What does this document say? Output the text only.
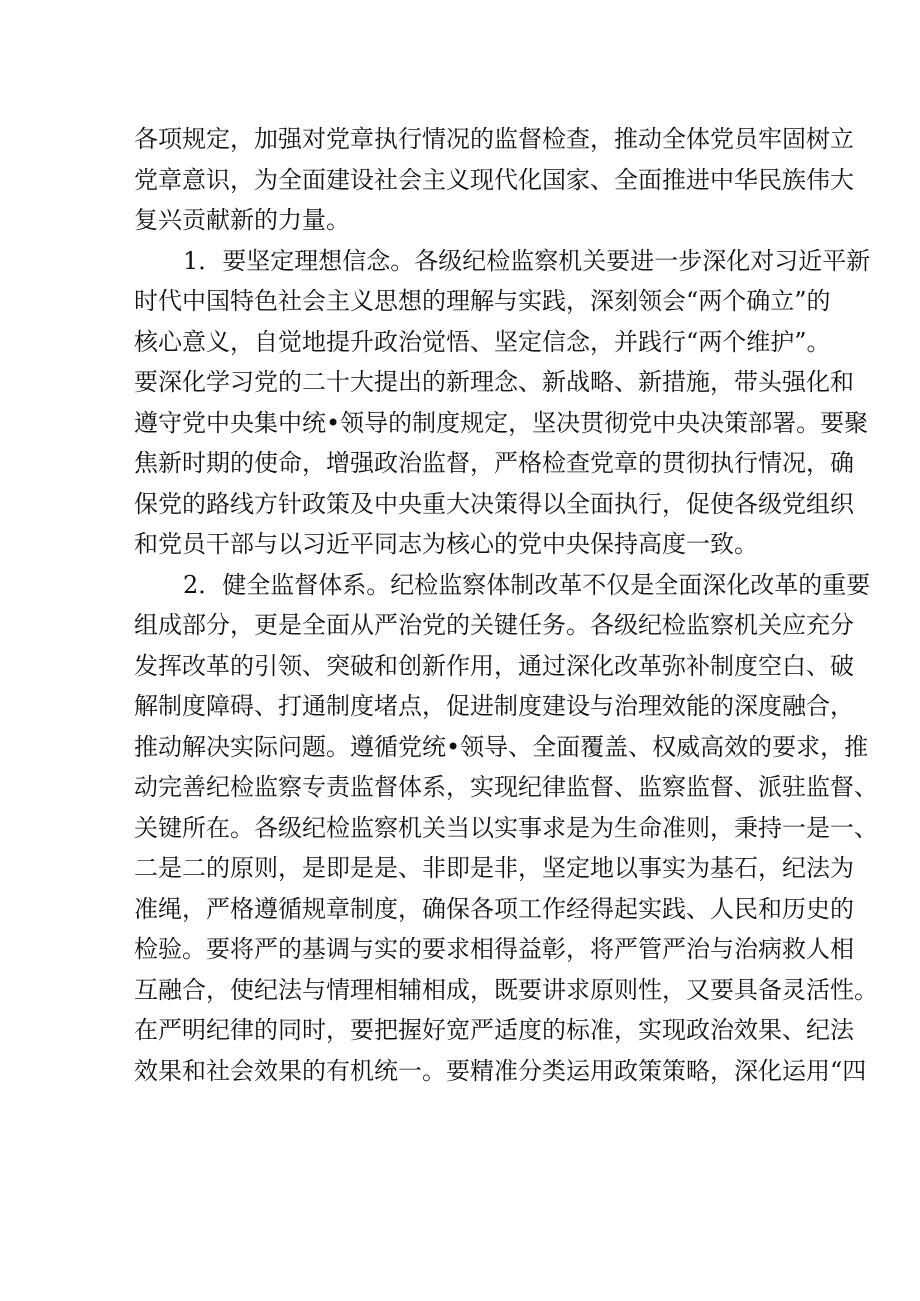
各项规定，加强对党章执行情况的监督检查，推动全体党员牢固树立
党章意识，为全面建设社会主义现代化国家、全面推进中华民族伟大
复兴贡献新的力量。
1．要坚定理想信念。各级纪检监察机关要进一步深化对习近平新
时代中国特色社会主义思想的理解与实践，深刻领会“两个确立”的
核心意义，自觉地提升政治觉悟、坚定信念，并践行“两个维护”。
要深化学习党的二十大提出的新理念、新战略、新措施，带头强化和
遵守党中央集中统•领导的制度规定，坚决贯彻党中央决策部署。要聚
焦新时期的使命，增强政治监督，严格检查党章的贯彻执行情况，确
保党的路线方针政策及中央重大决策得以全面执行，促使各级党组织
和党员干部与以习近平同志为核心的党中央保持高度一致。
2．健全监督体系。纪检监察体制改革不仅是全面深化改革的重要
组成部分，更是全面从严治党的关键任务。各级纪检监察机关应充分
发挥改革的引领、突破和创新作用，通过深化改革弥补制度空白、破
解制度障碍、打通制度堵点，促进制度建设与治理效能的深度融合，
推动解决实际问题。遵循党统•领导、全面覆盖、权威高效的要求，推
动完善纪检监察专责监督体系，实现纪律监督、监察监督、派驻监督、
关键所在。各级纪检监察机关当以实事求是为生命准则，秉持一是一、
二是二的原则，是即是是、非即是非，坚定地以事实为基石，纪法为
准绳，严格遵循规章制度，确保各项工作经得起实践、人民和历史的
检验。要将严的基调与实的要求相得益彰，将严管严治与治病救人相
互融合，使纪法与情理相辅相成，既要讲求原则性，又要具备灵活性。
在严明纪律的同时，要把握好宽严适度的标准，实现政治效果、纪法
效果和社会效果的有机统一。要精准分类运用政策策略，深化运用“四
